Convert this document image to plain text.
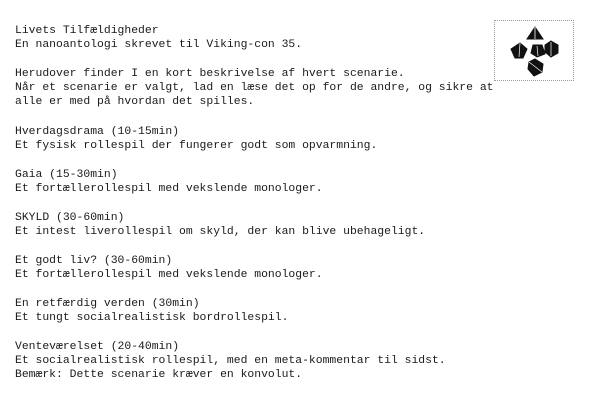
Livets Tilfældigheder
En nanoantologi skrevet til Viking-con 35.
Herudover finder I en kort beskrivelse af hvert scenarie.
Når et scenarie er valgt, lad en læse det op for de andre, og sikre at
alle er med på hvordan det spilles.
Hverdagsdrama (10-15min)
Et fysisk rollespil der fungerer godt som opvarmning.
Gaia (15-30min)
Et fortællerollespil med vekslende monologer.
SKYLD (30-60min)
Et intest liverollespil om skyld, der kan blive ubehageligt.
Et godt liv? (30-60min)
Et fortællerollespil med vekslende monologer.
En retfærdig verden (30min)
Et tungt socialrealistisk bordrollespil.
Venteværelset (20-40min)
Et socialrealistisk rollespil, med en meta-kommentar til sidst.
Bemærk: Dette scenarie kræver en konvolut.
